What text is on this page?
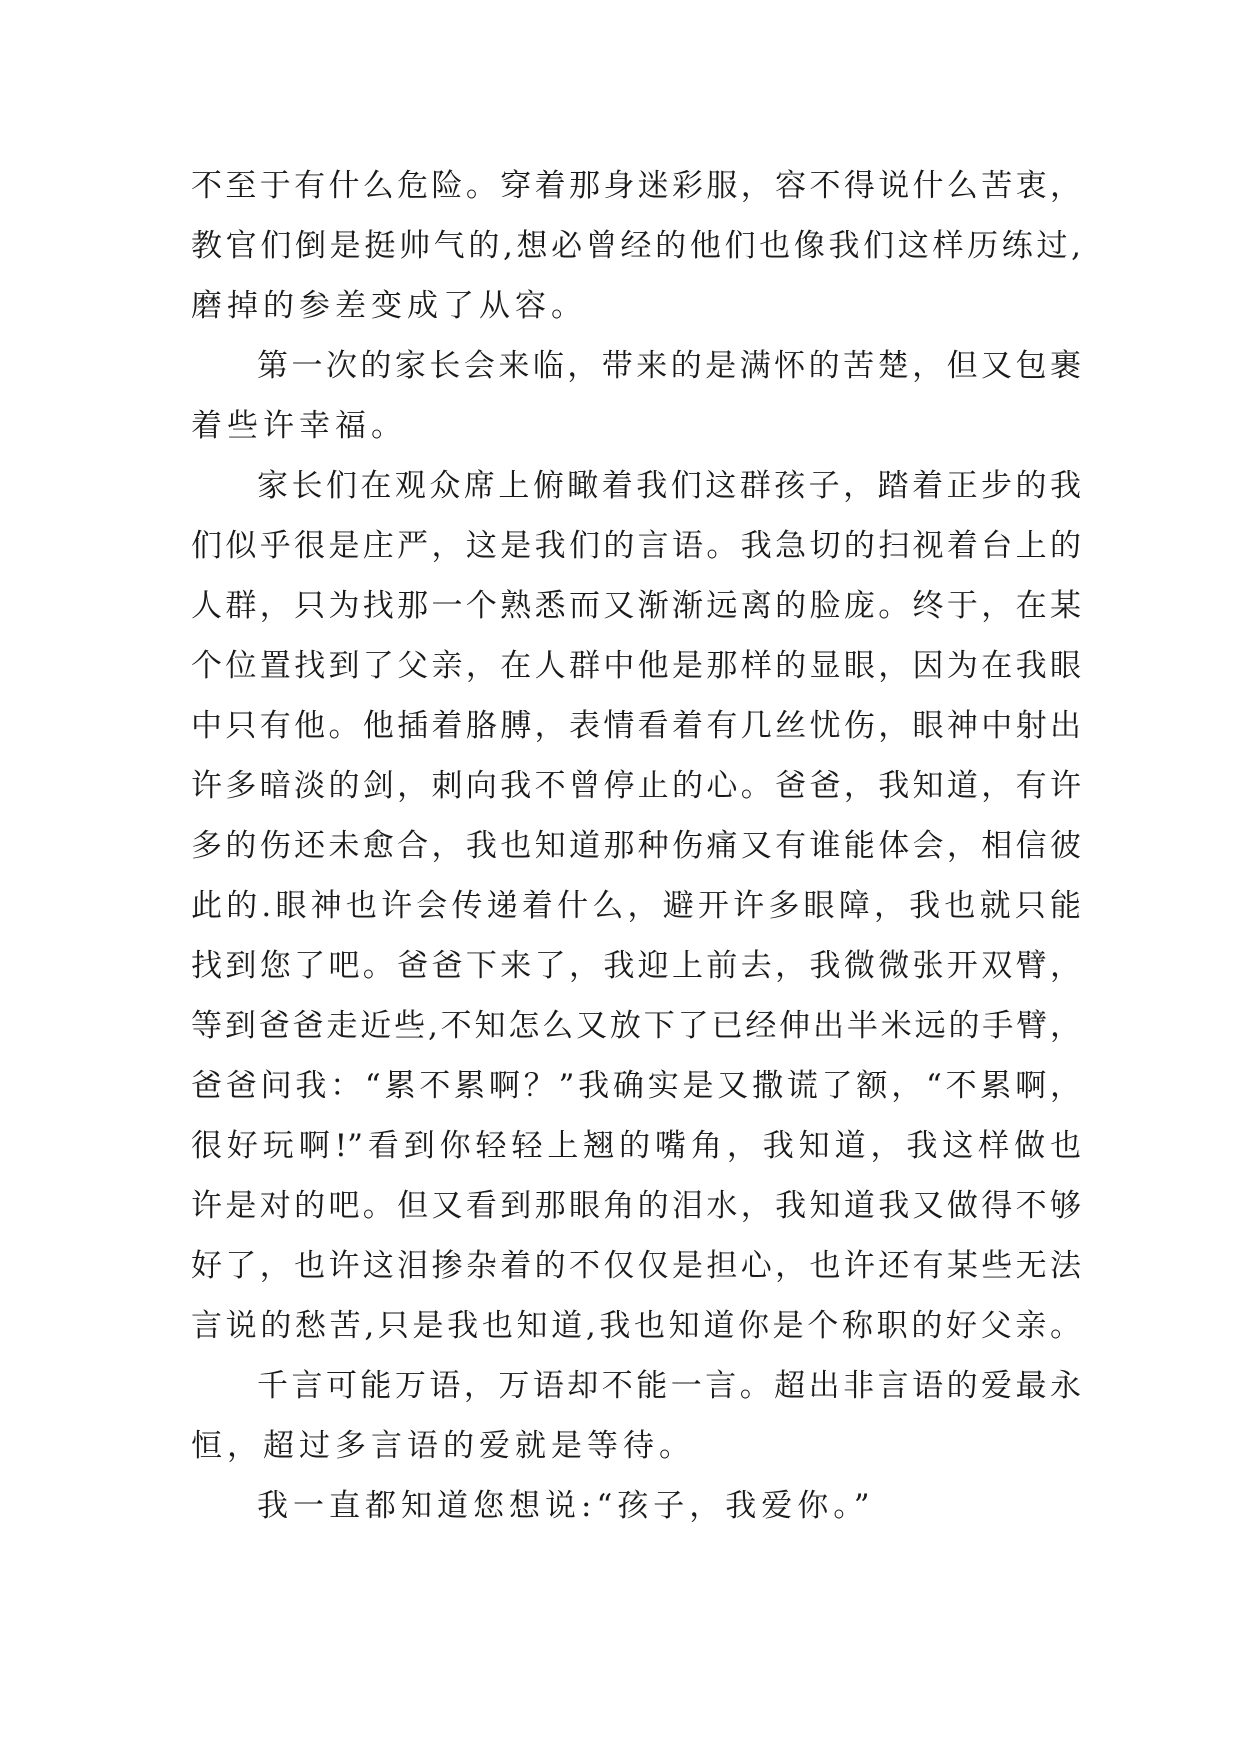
不至于有什么危险。穿着那身迷彩服，容不得说什么苦衷，
教官们倒是挺帅气的,想必曾经的他们也像我们这样历练过,
磨掉的参差变成了从容。
第一次的家长会来临，带来的是满怀的苦楚，但又包裹
着些许幸福。
家长们在观众席上俯瞰着我们这群孩子，踏着正步的我
们似乎很是庄严，这是我们的言语。我急切的扫视着台上的
人群，只为找那一个熟悉而又渐渐远离的脸庞。终于，在某
个位置找到了父亲，在人群中他是那样的显眼，因为在我眼
中只有他。他插着胳膊，表情看着有几丝忧伤，眼神中射出
许多暗淡的剑，刺向我不曾停止的心。爸爸，我知道，有许
多的伤还未愈合，我也知道那种伤痛又有谁能体会，相信彼
此的.眼神也许会传递着什么，避开许多眼障，我也就只能
找到您了吧。爸爸下来了，我迎上前去，我微微张开双臂，
等到爸爸走近些,不知怎么又放下了已经伸出半米远的手臂，
爸爸问我：“累不累啊？”我确实是又撒谎了额，“不累啊，
很好玩啊!”看到你轻轻上翘的嘴角，我知道，我这样做也
许是对的吧。但又看到那眼角的泪水，我知道我又做得不够
好了，也许这泪掺杂着的不仅仅是担心，也许还有某些无法
言说的愁苦,只是我也知道,我也知道你是个称职的好父亲。
千言可能万语，万语却不能一言。超出非言语的爱最永
恒，超过多言语的爱就是等待。
我一直都知道您想说:“孩子，我爱你。”
